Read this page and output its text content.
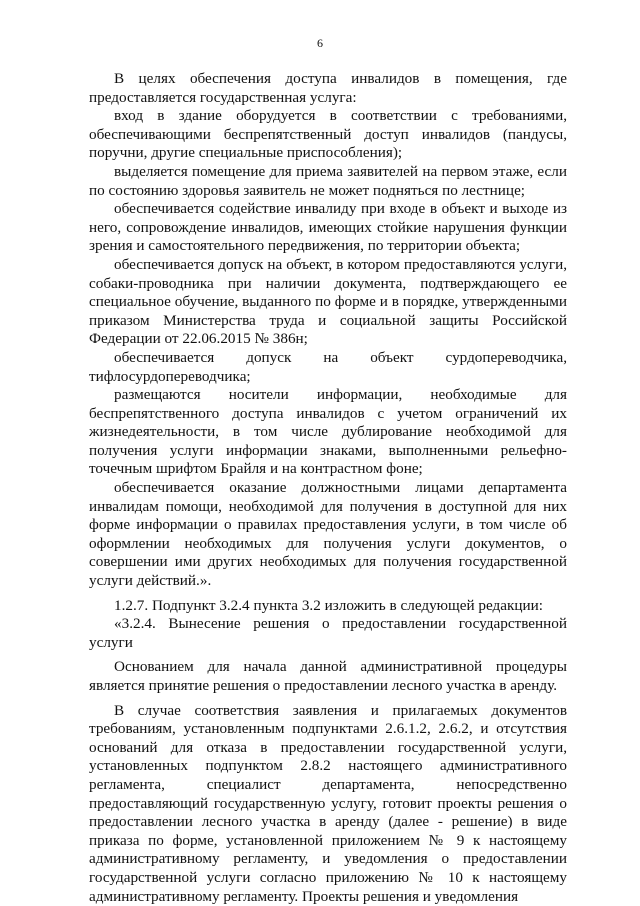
6

В целях обеспечения доступа инвалидов в помещения, где предоставляется государственная услуга:

вход в здание оборудуется в соответствии с требованиями, обеспечивающими беспрепятственный доступ инвалидов (пандусы, поручни, другие специальные приспособления);

выделяется помещение для приема заявителей на первом этаже, если по состоянию здоровья заявитель не может подняться по лестнице;

обеспечивается содействие инвалиду при входе в объект и выходе из него, сопровождение инвалидов, имеющих стойкие нарушения функции зрения и самостоятельного передвижения, по территории объекта;

обеспечивается допуск на объект, в котором предоставляются услуги, собаки-проводника при наличии документа, подтверждающего ее специальное обучение, выданного по форме и в порядке, утвержденными приказом Министерства труда и социальной защиты Российской Федерации от 22.06.2015 № 386н;

обеспечивается допуск на объект сурдопереводчика, тифлосурдопереводчика;

размещаются носители информации, необходимые для беспрепятственного доступа инвалидов с учетом ограничений их жизнедеятельности, в том числе дублирование необходимой для получения услуги информации знаками, выполненными рельефно-точечным шрифтом Брайля и на контрастном фоне;

обеспечивается оказание должностными лицами департамента инвалидам помощи, необходимой для получения в доступной для них форме информации о правилах предоставления услуги, в том числе об оформлении необходимых для получения услуги документов, о совершении ими других необходимых для получения государственной услуги действий.».

1.2.7. Подпункт 3.2.4 пункта 3.2 изложить в следующей редакции:

«3.2.4. Вынесение решения о предоставлении государственной услуги

Основанием для начала данной административной процедуры является принятие решения о предоставлении лесного участка в аренду.

В случае соответствия заявления и прилагаемых документов требованиям, установленным подпунктами 2.6.1.2, 2.6.2, и отсутствия оснований для отказа в предоставлении государственной услуги, установленных подпунктом 2.8.2 настоящего административного регламента, специалист департамента, непосредственно предоставляющий государственную услугу, готовит проекты решения о предоставлении лесного участка в аренду (далее - решение) в виде приказа по форме, установленной приложением № 9 к настоящему административному регламенту, и уведомления о предоставлении государственной услуги согласно приложению № 10 к настоящему административному регламенту. Проекты решения и уведомления
